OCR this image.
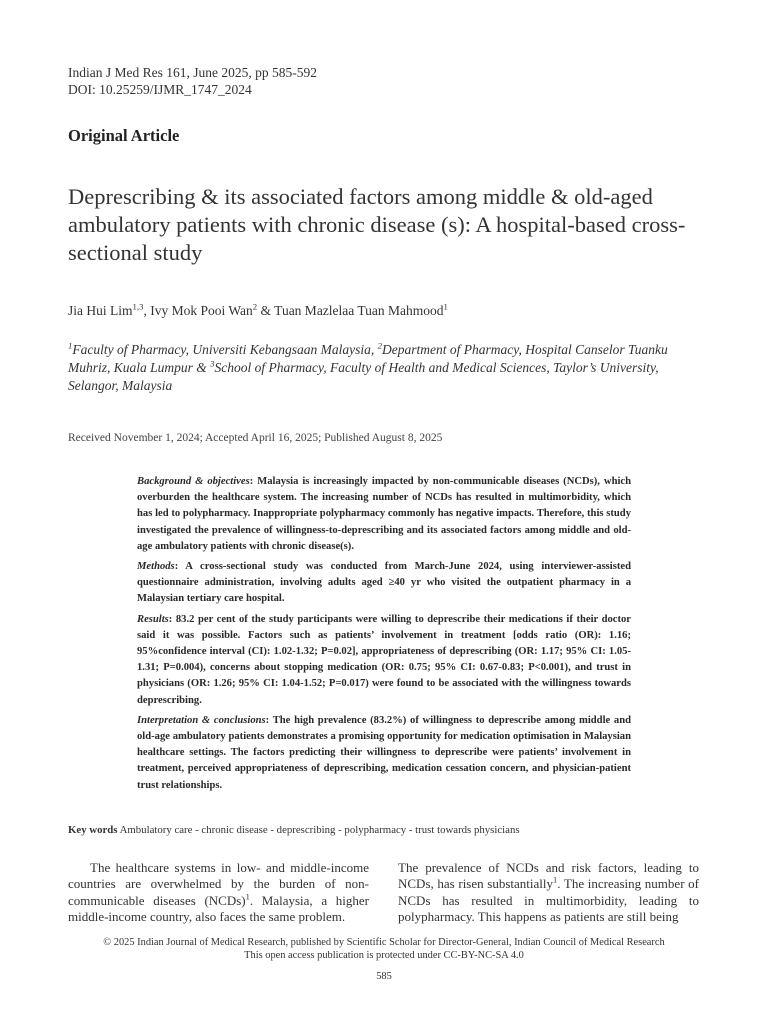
Indian J Med Res 161, June 2025, pp 585-592
DOI: 10.25259/IJMR_1747_2024
Original Article
Deprescribing & its associated factors among middle & old-aged ambulatory patients with chronic disease (s): A hospital-based cross-sectional study
Jia Hui Lim$^{1,3}$, Ivy Mok Pooi Wan$^2$ & Tuan Mazlelaa Tuan Mahmood$^1$
$^1$Faculty of Pharmacy, Universiti Kebangsaan Malaysia, $^2$Department of Pharmacy, Hospital Canselor Tuanku Muhriz, Kuala Lumpur & $^3$School of Pharmacy, Faculty of Health and Medical Sciences, Taylor’s University, Selangor, Malaysia
Received November 1, 2024; Accepted April 16, 2025; Published August 8, 2025

Background & objectives: Malaysia is increasingly impacted by non-communicable diseases (NCDs), which overburden the healthcare system. The increasing number of NCDs has resulted in multimorbidity, which has led to polypharmacy. Inappropriate polypharmacy commonly has negative impacts. Therefore, this study investigated the prevalence of willingness-to-deprescribing and its associated factors among middle and old-age ambulatory patients with chronic disease(s).

Methods: A cross-sectional study was conducted from March-June 2024, using interviewer-assisted questionnaire administration, involving adults aged ≥40 yr who visited the outpatient pharmacy in a Malaysian tertiary care hospital.

Results: 83.2 per cent of the study participants were willing to deprescribe their medications if their doctor said it was possible. Factors such as patients’ involvement in treatment [odds ratio (OR): 1.16; 95%confidence interval (CI): 1.02-1.32; P=0.02], appropriateness of deprescribing (OR: 1.17; 95% CI: 1.05-1.31; P=0.004), concerns about stopping medication (OR: 0.75; 95% CI: 0.67-0.83; P<0.001), and trust in physicians (OR: 1.26; 95% CI: 1.04-1.52; P=0.017) were found to be associated with the willingness towards deprescribing.

Interpretation & conclusions: The high prevalence (83.2%) of willingness to deprescribe among middle and old-age ambulatory patients demonstrates a promising opportunity for medication optimisation in Malaysian healthcare settings. The factors predicting their willingness to deprescribe were patients’ involvement in treatment, perceived appropriateness of deprescribing, medication cessation concern, and physician-patient trust relationships.

Key words Ambulatory care - chronic disease - deprescribing - polypharmacy - trust towards physicians

The healthcare systems in low- and middle-income countries are overwhelmed by the burden of non-communicable diseases (NCDs)$^1$. Malaysia, a higher middle-income country, also faces the same problem.

The prevalence of NCDs and risk factors, leading to NCDs, has risen substantially$^1$. The increasing number of NCDs has resulted in multimorbidity, leading to polypharmacy. This happens as patients are still being

© 2025 Indian Journal of Medical Research, published by Scientific Scholar for Director-General, Indian Council of Medical Research
This open access publication is protected under CC-BY-NC-SA 4.0
585
